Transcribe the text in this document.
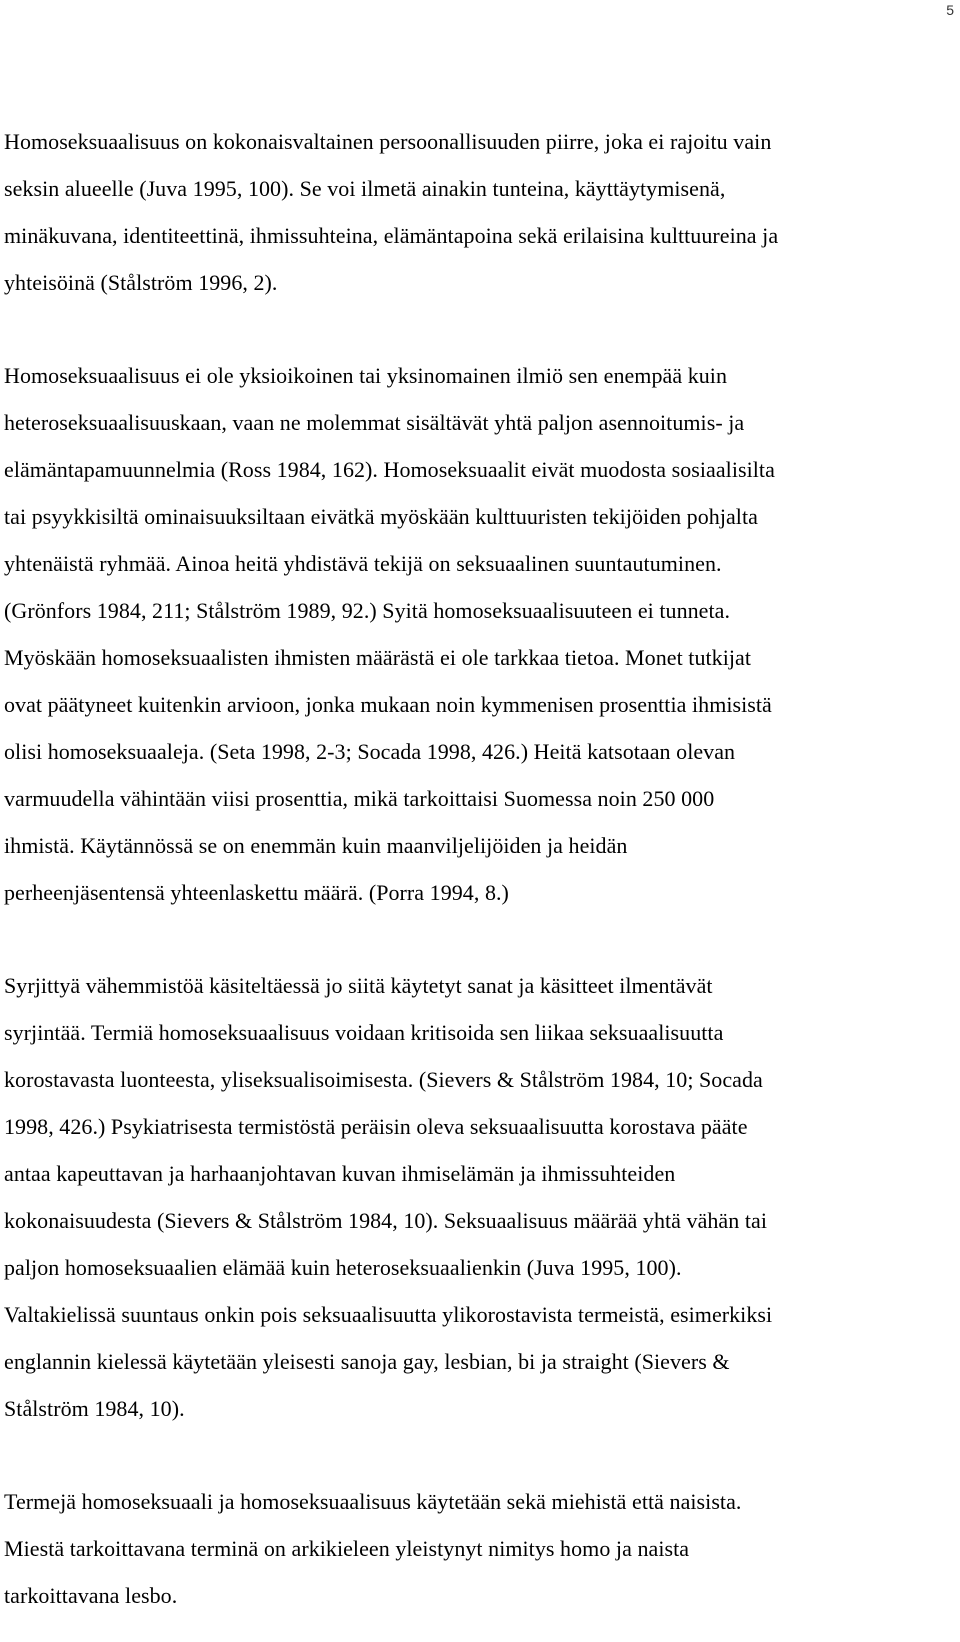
5
Homoseksuaalisuus on kokonaisvaltainen persoonallisuuden piirre, joka ei rajoitu vain
seksin alueelle (Juva 1995, 100). Se voi ilmetä ainakin tunteina, käyttäytymisenä,
minäkuvana, identiteettinä, ihmissuhteina, elämäntapoina sekä erilaisina kulttuureina ja
yhteisöinä (Stålström 1996, 2).
Homoseksuaalisuus ei ole yksioikoinen tai yksinomainen ilmiö sen enempää kuin
heteroseksuaalisuuskaan, vaan ne molemmat sisältävät yhtä paljon asennoitumis- ja
elämäntapamuunnelmia (Ross 1984, 162). Homoseksuaalit eivät muodosta sosiaalisilta
tai psyykkisiltä ominaisuuksiltaan eivätkä myöskään kulttuuristen tekijöiden pohjalta
yhtenäistä ryhmää. Ainoa heitä yhdistävä tekijä on seksuaalinen suuntautuminen.
(Grönfors 1984, 211; Stålström 1989, 92.) Syitä homoseksuaalisuuteen ei tunneta.
Myöskään homoseksuaalisten ihmisten määrästä ei ole tarkkaa tietoa. Monet tutkijat
ovat päätyneet kuitenkin arvioon, jonka mukaan noin kymmenisen prosenttia ihmisistä
olisi homoseksuaaleja. (Seta 1998, 2-3; Socada 1998, 426.) Heitä katsotaan olevan
varmuudella vähintään viisi prosenttia, mikä tarkoittaisi Suomessa noin 250 000
ihmistä. Käytännössä se on enemmän kuin maanviljelijöiden ja heidän
perheenjäsentensä yhteenlaskettu määrä. (Porra 1994, 8.)
Syrjittyä vähemmistöä käsiteltäessä jo siitä käytetyt sanat ja käsitteet ilmentävät
syrjintää. Termiä homoseksuaalisuus voidaan kritisoida sen liikaa seksuaalisuutta
korostavasta luonteesta, yliseksualisoimisesta. (Sievers & Stålström 1984, 10; Socada
1998, 426.) Psykiatrisesta termistöstä peräisin oleva seksuaalisuutta korostava pääte
antaa kapeuttavan ja harhaanjohtavan kuvan ihmiselämän ja ihmissuhteiden
kokonaisuudesta (Sievers & Stålström 1984, 10). Seksuaalisuus määrää yhtä vähän tai
paljon homoseksuaalien elämää kuin heteroseksuaalienkin (Juva 1995, 100).
Valtakielissä suuntaus onkin pois seksuaalisuutta ylikorostavista termeistä, esimerkiksi
englannin kielessä käytetään yleisesti sanoja gay, lesbian, bi ja straight (Sievers &
Stålström 1984, 10).
Termejä homoseksuaali ja homoseksuaalisuus käytetään sekä miehistä että naisista.
Miestä tarkoittavana terminä on arkikieleen yleistynyt nimitys homo ja naista
tarkoittavana lesbo.
